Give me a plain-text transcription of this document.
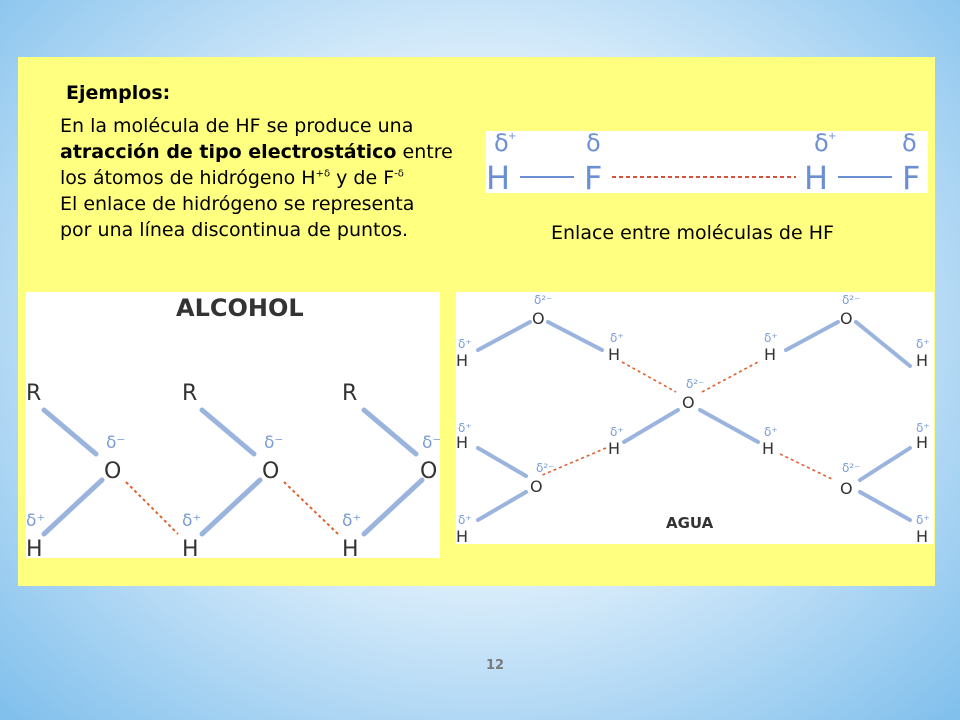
Ejemplos:
En la molécula de HF se produce una
atracción de tipo electrostático entre
los átomos de hidrógeno $H^{+\delta}$ y de $F^{-\delta}$
El enlace de hidrógeno se representa
por una línea discontinua de puntos.
δ +	δ	δ +	δ
H F	H F
Enlace entre moléculas de HF
ALCOHOL
R
O
H
R
O
H
R
O
H
δ⁻
δ⁺
δ⁻
δ⁺
δ⁻
δ⁺
O
H	H	H
O
H
O
H	H	H	H
O	O
H	H
δ²⁻	δ²⁻
δ²⁻
δ²⁻	δ²⁻
δ⁺	δ⁺	δ⁺	δ⁺
δ⁺	δ⁺	δ⁺	δ⁺
δ⁺	δ⁺
AGUA
12
